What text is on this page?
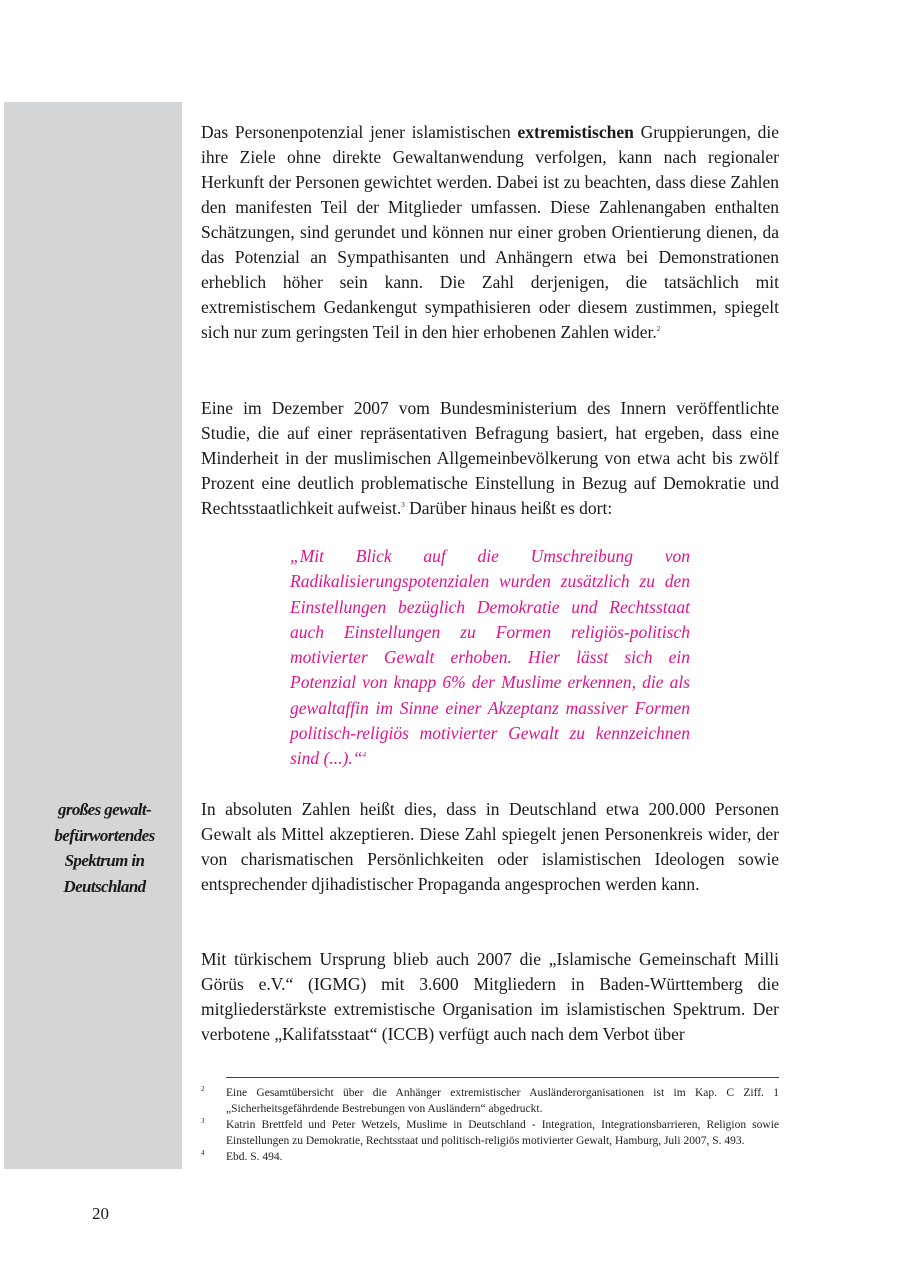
Das Personenpotenzial jener islamistischen extremistischen Gruppierungen, die ihre Ziele ohne direkte Gewaltanwendung verfolgen, kann nach regionaler Herkunft der Personen gewichtet werden. Dabei ist zu beachten, dass diese Zahlen den manifesten Teil der Mitglieder umfassen. Diese Zahlenangaben enthalten Schätzungen, sind gerundet und können nur einer groben Orientierung dienen, da das Potenzial an Sympathisanten und Anhängern etwa bei Demonstrationen erheblich höher sein kann. Die Zahl derjenigen, die tatsächlich mit extremistischem Gedankengut sympathisieren oder diesem zustimmen, spiegelt sich nur zum geringsten Teil in den hier erhobenen Zahlen wider.$^2$

Eine im Dezember 2007 vom Bundesministerium des Innern veröffentlichte Studie, die auf einer repräsentativen Befragung basiert, hat ergeben, dass eine Minderheit in der muslimischen Allgemeinbevölkerung von etwa acht bis zwölf Prozent eine deutlich problematische Einstellung in Bezug auf Demokratie und Rechtsstaatlichkeit aufweist.$^3$ Darüber hinaus heißt es dort:

„Mit Blick auf die Umschreibung von Radikalisierungspotenzialen wurden zusätzlich zu den Einstellungen bezüglich Demokratie und Rechtsstaat auch Einstellungen zu Formen religiös-politisch motivierter Gewalt erhoben. Hier lässt sich ein Potenzial von knapp 6% der Muslime erkennen, die als gewaltaffin im Sinne einer Akzeptanz massiver Formen politisch-religiös motivierter Gewalt zu kennzeichnen sind (...).“$^4$
großes gewalt-
befürwortendes
Spektrum in
Deutschland

In absoluten Zahlen heißt dies, dass in Deutschland etwa 200.000 Personen Gewalt als Mittel akzeptieren. Diese Zahl spiegelt jenen Personenkreis wider, der von charismatischen Persönlichkeiten oder islamistischen Ideologen sowie entsprechender djihadistischer Propaganda angesprochen werden kann.

Mit türkischem Ursprung blieb auch 2007 die „Islamische Gemeinschaft Milli Görüs e.V.“ (IGMG) mit 3.600 Mitgliedern in Baden-Württemberg die mitgliederstärkste extremistische Organisation im islamistischen Spektrum. Der verbotene „Kalifatsstaat“ (ICCB) verfügt auch nach dem Verbot über

2	Eine Gesamtübersicht über die Anhänger extremistischer Ausländerorganisationen ist im Kap. C Ziff. 1 „Sicherheitsgefährdende Bestrebungen von Ausländern“ abgedruckt.
3	Katrin Brettfeld und Peter Wetzels, Muslime in Deutschland - Integration, Integrationsbarrieren, Religion sowie Einstellungen zu Demokratie, Rechtsstaat und politisch-religiös motivierter Gewalt, Hamburg, Juli 2007, S. 493.
4	Ebd. S. 494.
20
